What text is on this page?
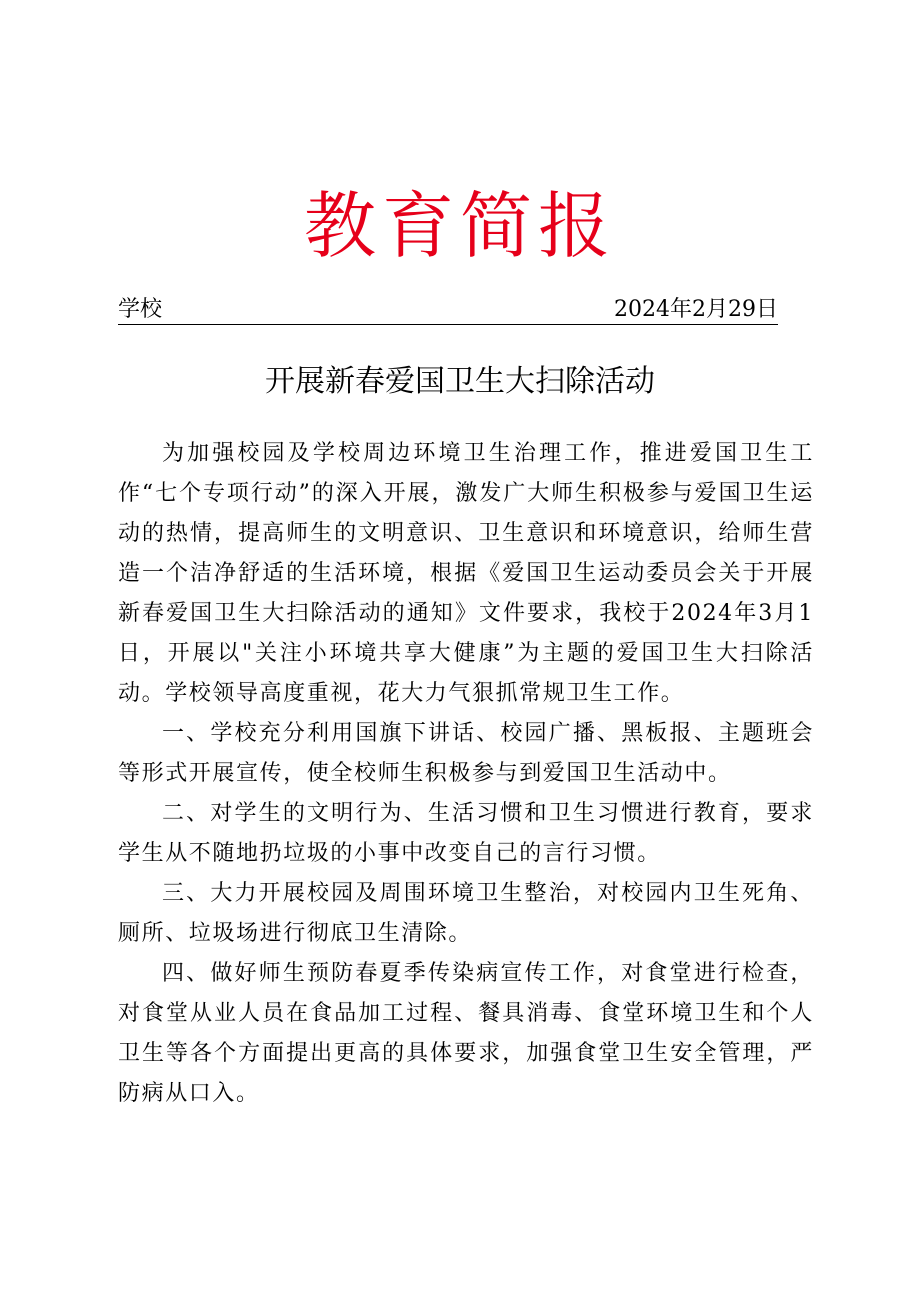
教育简报
学校	2024年2月29日
开展新春爱国卫生大扫除活动

为加强校园及学校周边环境卫生治理工作，推进爱国卫生工作“七个专项行动”的深入开展，激发广大师生积极参与爱国卫生运动的热情，提高师生的文明意识、卫生意识和环境意识，给师生营造一个洁净舒适的生活环境，根据《爱国卫生运动委员会关于开展新春爱国卫生大扫除活动的通知》文件要求，我校于2024年3月1日，开展以"关注小环境共享大健康”为主题的爱国卫生大扫除活动。学校领导高度重视，花大力气狠抓常规卫生工作。

一、学校充分利用国旗下讲话、校园广播、黑板报、主题班会等形式开展宣传，使全校师生积极参与到爱国卫生活动中。

二、对学生的文明行为、生活习惯和卫生习惯进行教育，要求学生从不随地扔垃圾的小事中改变自己的言行习惯。

三、大力开展校园及周围环境卫生整治，对校园内卫生死角、厕所、垃圾场进行彻底卫生清除。

四、做好师生预防春夏季传染病宣传工作，对食堂进行检查，对食堂从业人员在食品加工过程、餐具消毒、食堂环境卫生和个人卫生等各个方面提出更高的具体要求，加强食堂卫生安全管理，严防病从口入。
